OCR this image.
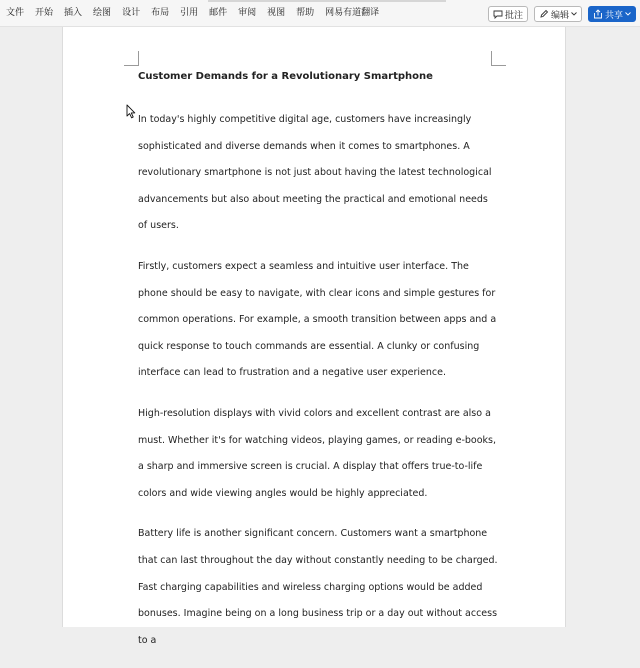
文件 开始 插入 绘图 设计 布局 引用 邮件 审阅 视图 帮助 网易有道翻译	批注	编辑	共享

Customer Demands for a Revolutionary Smartphone

In today's highly competitive digital age, customers have increasingly sophisticated and diverse demands when it comes to smartphones. A revolutionary smartphone is not just about having the latest technological advancements but also about meeting the practical and emotional needs of users.

Firstly, customers expect a seamless and intuitive user interface. The phone should be easy to navigate, with clear icons and simple gestures for common operations. For example, a smooth transition between apps and a quick response to touch commands are essential. A clunky or confusing interface can lead to frustration and a negative user experience.

High-resolution displays with vivid colors and excellent contrast are also a must. Whether it's for watching videos, playing games, or reading e-books, a sharp and immersive screen is crucial. A display that offers true-to-life colors and wide viewing angles would be highly appreciated.

Battery life is another significant concern. Customers want a smartphone that can last throughout the day without constantly needing to be charged. Fast charging capabilities and wireless charging options would be added bonuses. Imagine being on a long business trip or a day out without access to a
